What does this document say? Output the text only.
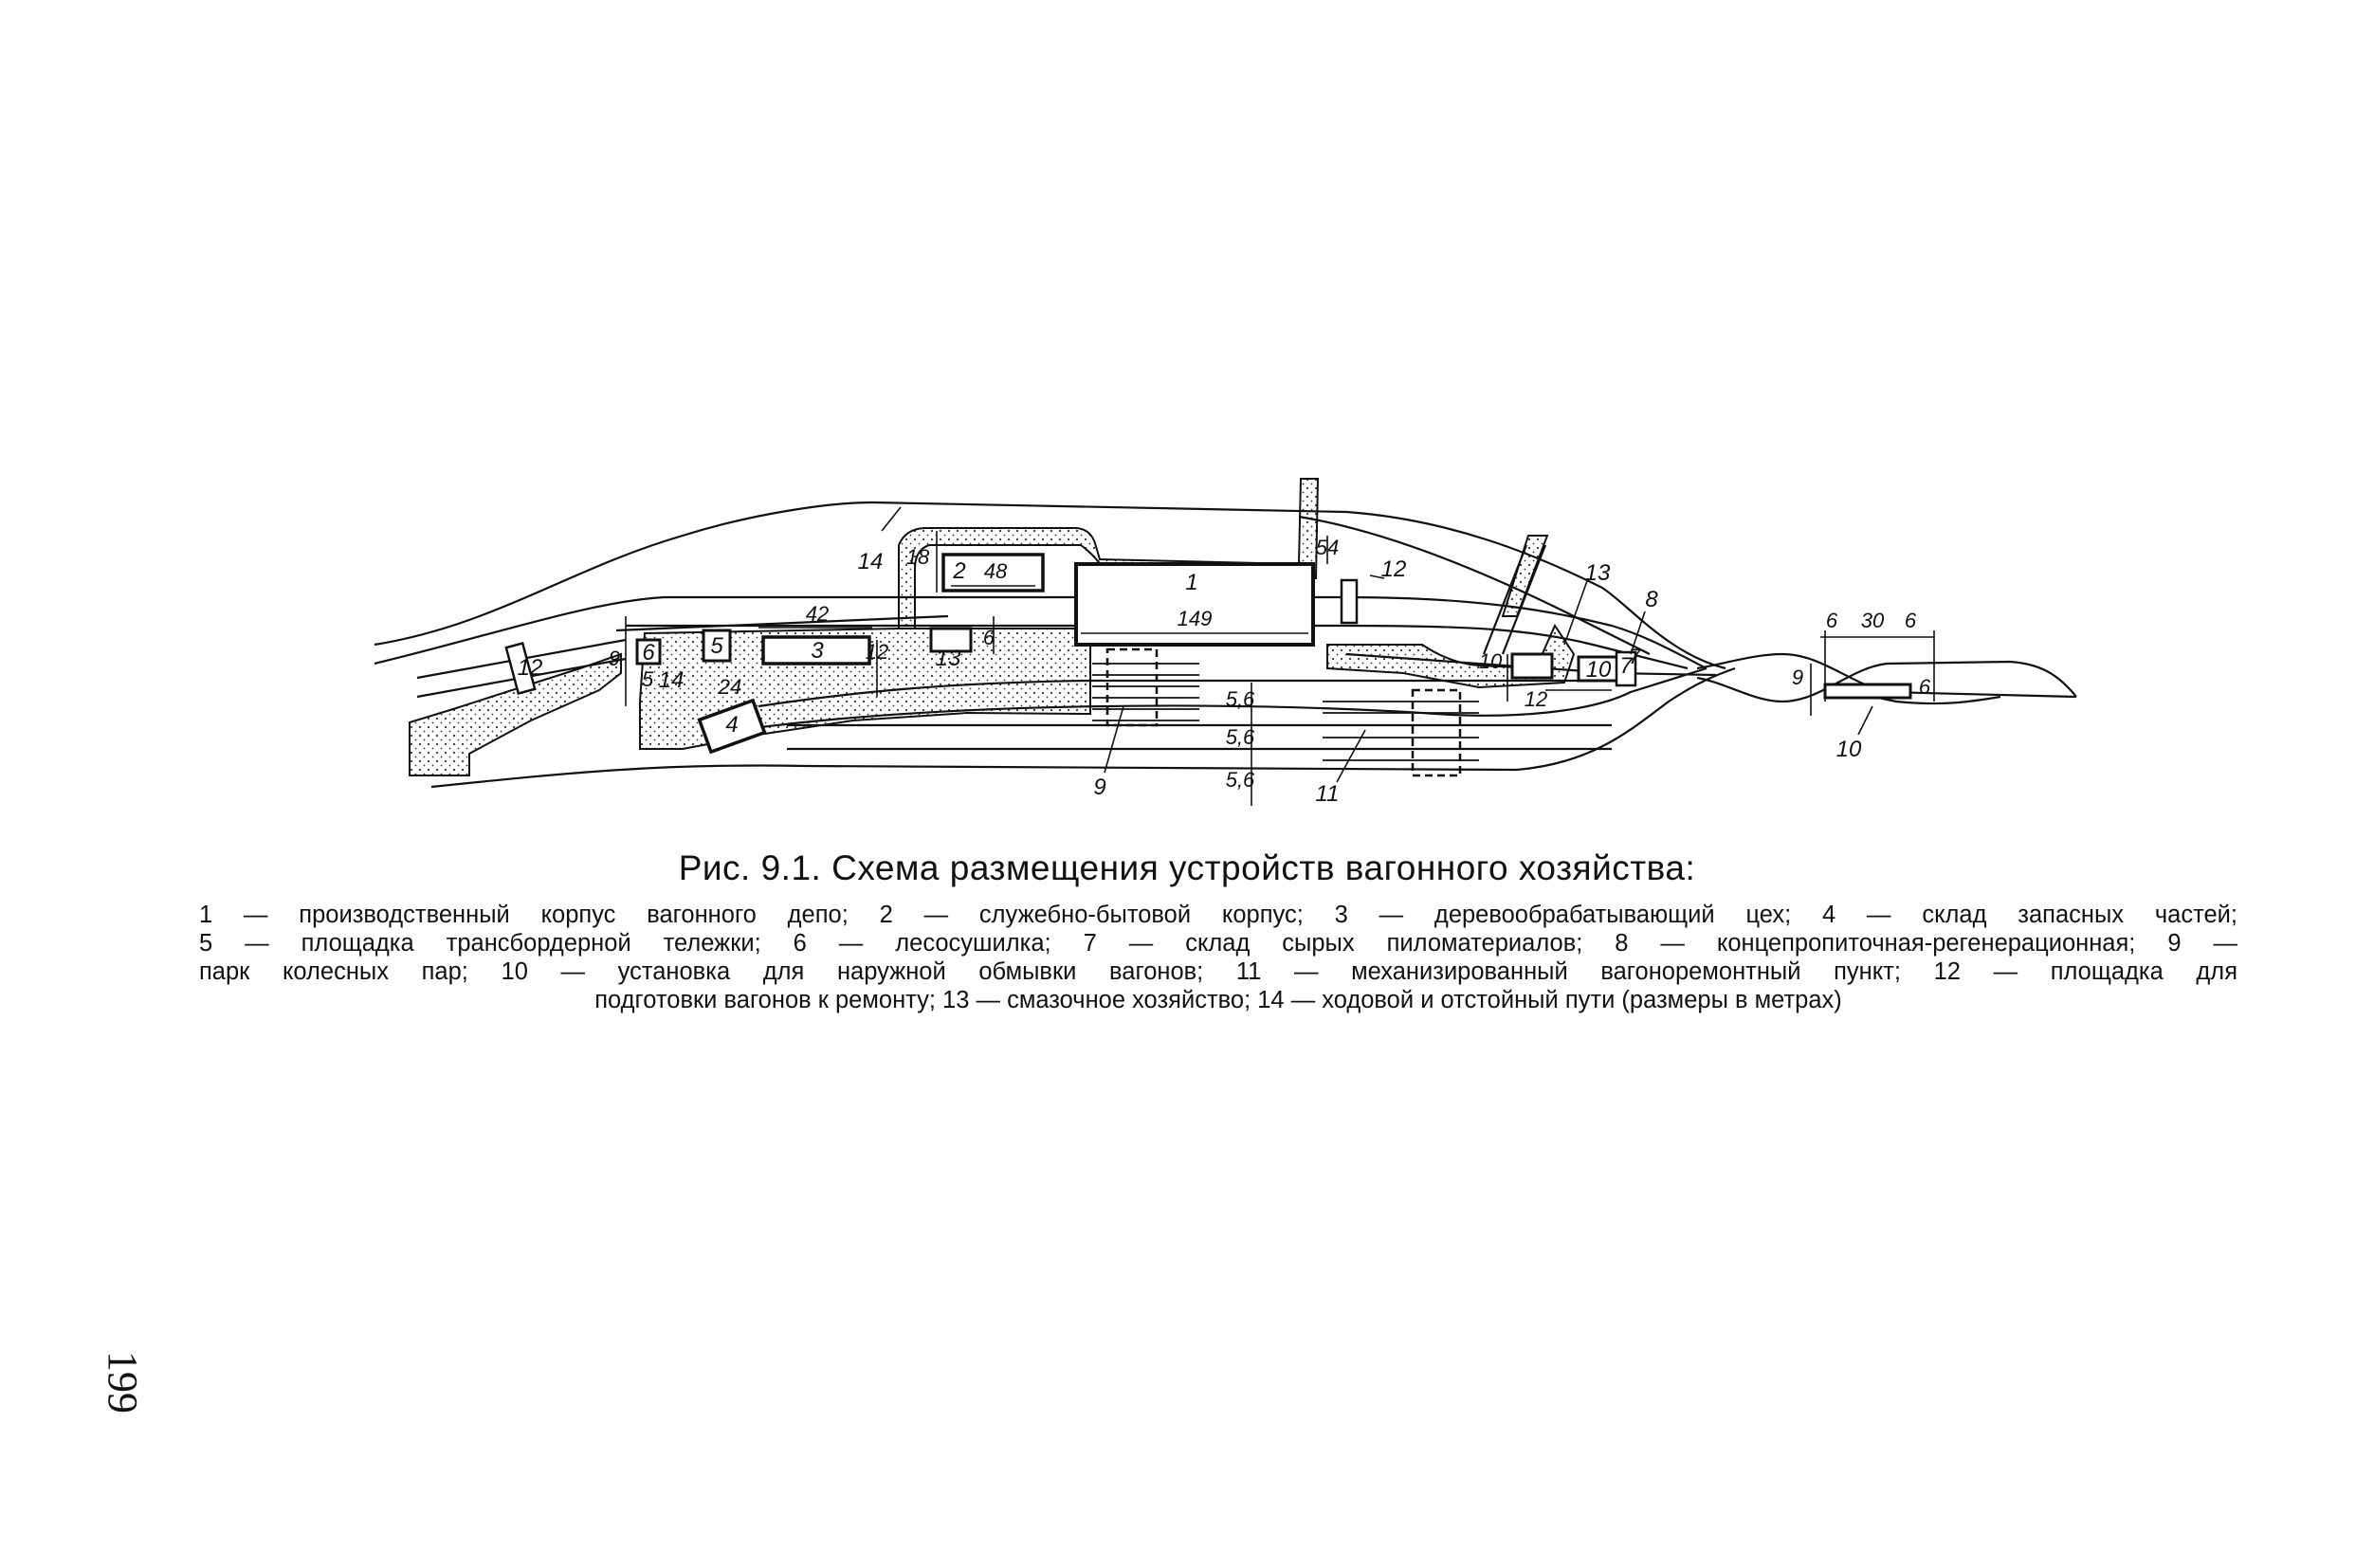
1
2
3
4
5
6
7
8
9
10
10
11
12
12	13
13
14
14
149
48
42
18	54
12
12
6
24
9
5
5,6
5,6
5,6
10	7
6 30 6
9	6
Рис. 9.1. Схема размещения устройств вагонного хозяйства:
1 — производственный корпус вагонного депо; 2 — служебно-бытовой корпус; 3 — деревообрабатывающий цех; 4 — склад запасных частей;
5 — площадка трансбордерной тележки; 6 — лесосушилка; 7 — склад сырых пиломатериалов; 8 — концепропиточная-регенерационная; 9 —
парк колесных пар; 10 — установка для наружной обмывки вагонов; 11 — механизированный вагоноремонтный пункт; 12 — площадка для
подготовки вагонов к ремонту; 13 — смазочное хозяйство; 14 — ходовой и отстойный пути (размеры в метрах)
199
